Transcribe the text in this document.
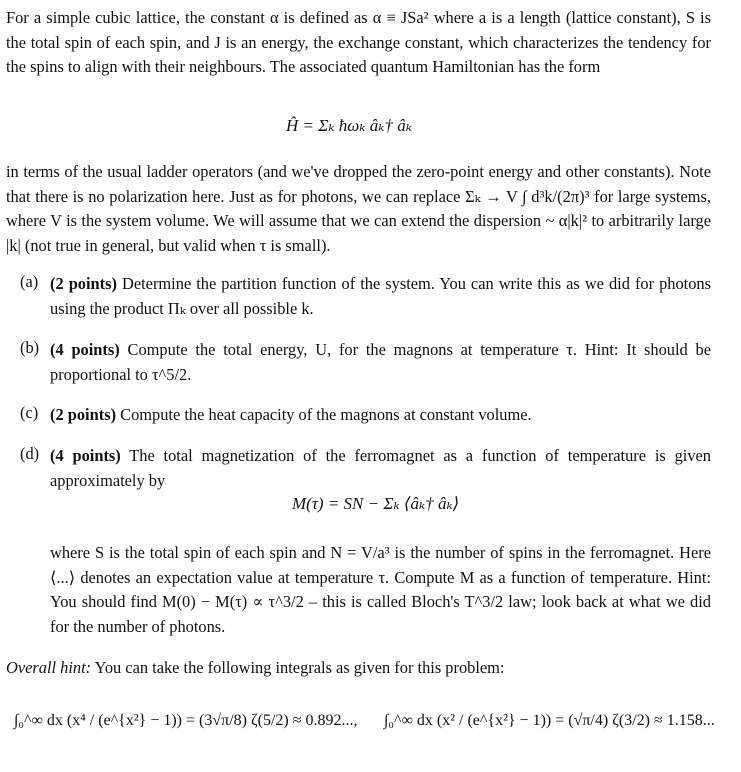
For a simple cubic lattice, the constant α is defined as α ≡ JSa² where a is a length (lattice constant), S is the total spin of each spin, and J is an energy, the exchange constant, which characterizes the tendency for the spins to align with their neighbours. The associated quantum Hamiltonian has the form
Ĥ = Σₖ ħωₖ âₖ† âₖ
in terms of the usual ladder operators (and we've dropped the zero-point energy and other constants). Note that there is no polarization here. Just as for photons, we can replace Σₖ → V ∫ d³k/(2π)³ for large systems, where V is the system volume. We will assume that we can extend the dispersion ~ α|k|² to arbitrarily large |k| (not true in general, but valid when τ is small).
(a) (2 points) Determine the partition function of the system. You can write this as we did for photons using the product Πₖ over all possible k.
(b) (4 points) Compute the total energy, U, for the magnons at temperature τ. Hint: It should be proportional to τ^5/2.
(c) (2 points) Compute the heat capacity of the magnons at constant volume.
(d) (4 points) The total magnetization of the ferromagnet as a function of temperature is given approximately by
M(τ) = SN − Σₖ ⟨âₖ† âₖ⟩
where S is the total spin of each spin and N = V/a³ is the number of spins in the ferromagnet. Here ⟨...⟩ denotes an expectation value at temperature τ. Compute M as a function of temperature. Hint: You should find M(0) − M(τ) ∝ τ^3/2 – this is called Bloch's T^3/2 law; look back at what we did for the number of photons.
Overall hint: You can take the following integrals as given for this problem:
∫₀^∞ dx (x⁴ / (e^{x²} − 1)) = (3√π/8) ζ(5/2) ≈ 0.892..., ∫₀^∞ dx (x² / (e^{x²} − 1)) = (√π/4) ζ(3/2) ≈ 1.158...
